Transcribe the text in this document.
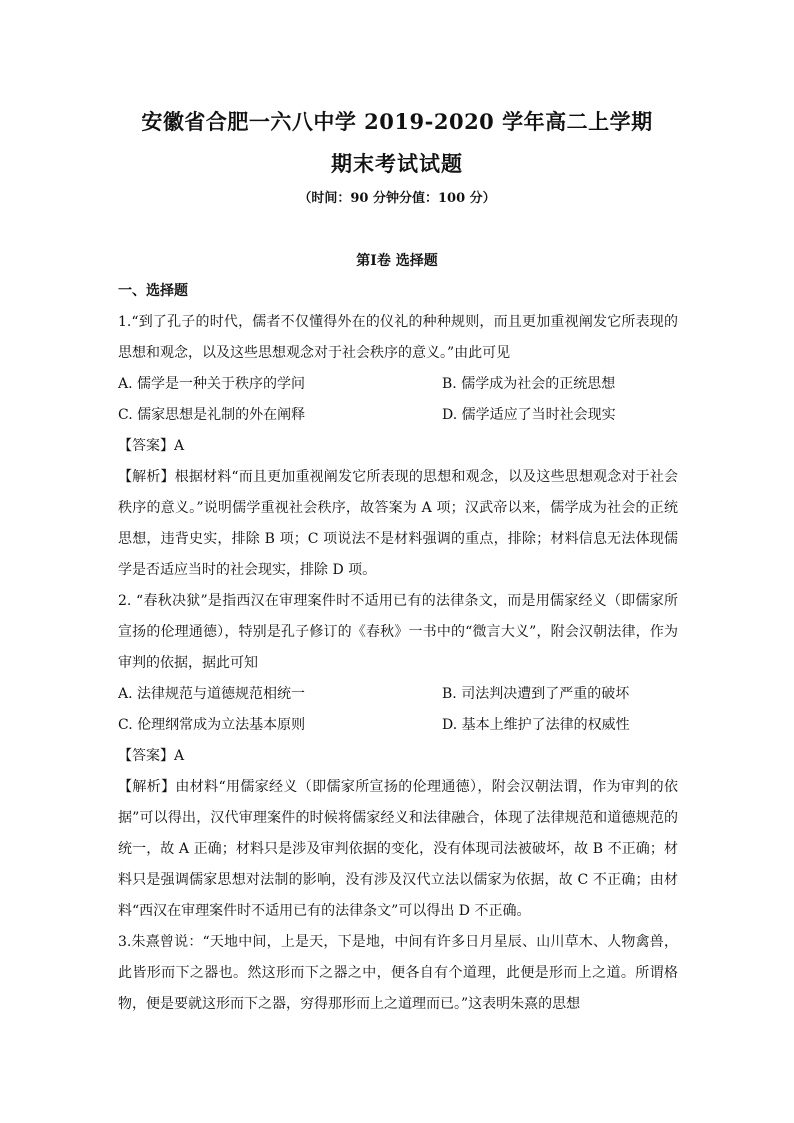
安徽省合肥一六八中学 2019-2020 学年高二上学期
期末考试试题
（时间：90 分钟分值：100 分）
第Ⅰ卷 选择题
一、选择题
1.“到了孔子的时代，儒者不仅懂得外在的仪礼的种种规则，而且更加重视阐发它所表现的思想和观念，以及这些思想观念对于社会秩序的意义。”由此可见
A. 儒学是一种关于秩序的学问	B. 儒学成为社会的正统思想
C. 儒家思想是礼制的外在阐释	D. 儒学适应了当时社会现实
【答案】A
【解析】根据材料“而且更加重视阐发它所表现的思想和观念，以及这些思想观念对于社会秩序的意义。”说明儒学重视社会秩序，故答案为 A 项；汉武帝以来，儒学成为社会的正统思想，违背史实，排除 B 项；C 项说法不是材料强调的重点，排除；材料信息无法体现儒学是否适应当时的社会现实，排除 D 项。
2. “春秋决狱”是指西汉在审理案件时不适用已有的法律条文，而是用儒家经义（即儒家所宣扬的伦理通德），特别是孔子修订的《春秋》一书中的“微言大义”，附会汉朝法律，作为审判的依据，据此可知
A. 法律规范与道德规范相统一	B. 司法判决遭到了严重的破坏
C. 伦理纲常成为立法基本原则	D. 基本上维护了法律的权威性
【答案】A
【解析】由材料“用儒家经义（即儒家所宣扬的伦理通德），附会汉朝法谓，作为审判的依据”可以得出，汉代审理案件的时候将儒家经义和法律融合，体现了法律规范和道德规范的统一，故 A 正确；材料只是涉及审判依据的变化，没有体现司法被破坏，故 B 不正确；材料只是强调儒家思想对法制的影响，没有涉及汉代立法以儒家为依据，故 C 不正确；由材料“西汉在审理案件时不适用已有的法律条文”可以得出 D 不正确。
3.朱熹曾说：“天地中间，上是天，下是地，中间有许多日月星辰、山川草木、人物禽兽，此皆形而下之器也。然这形而下之器之中，便各自有个道理，此便是形而上之道。所谓格物，便是要就这形而下之器，穷得那形而上之道理而已。”这表明朱熹的思想
